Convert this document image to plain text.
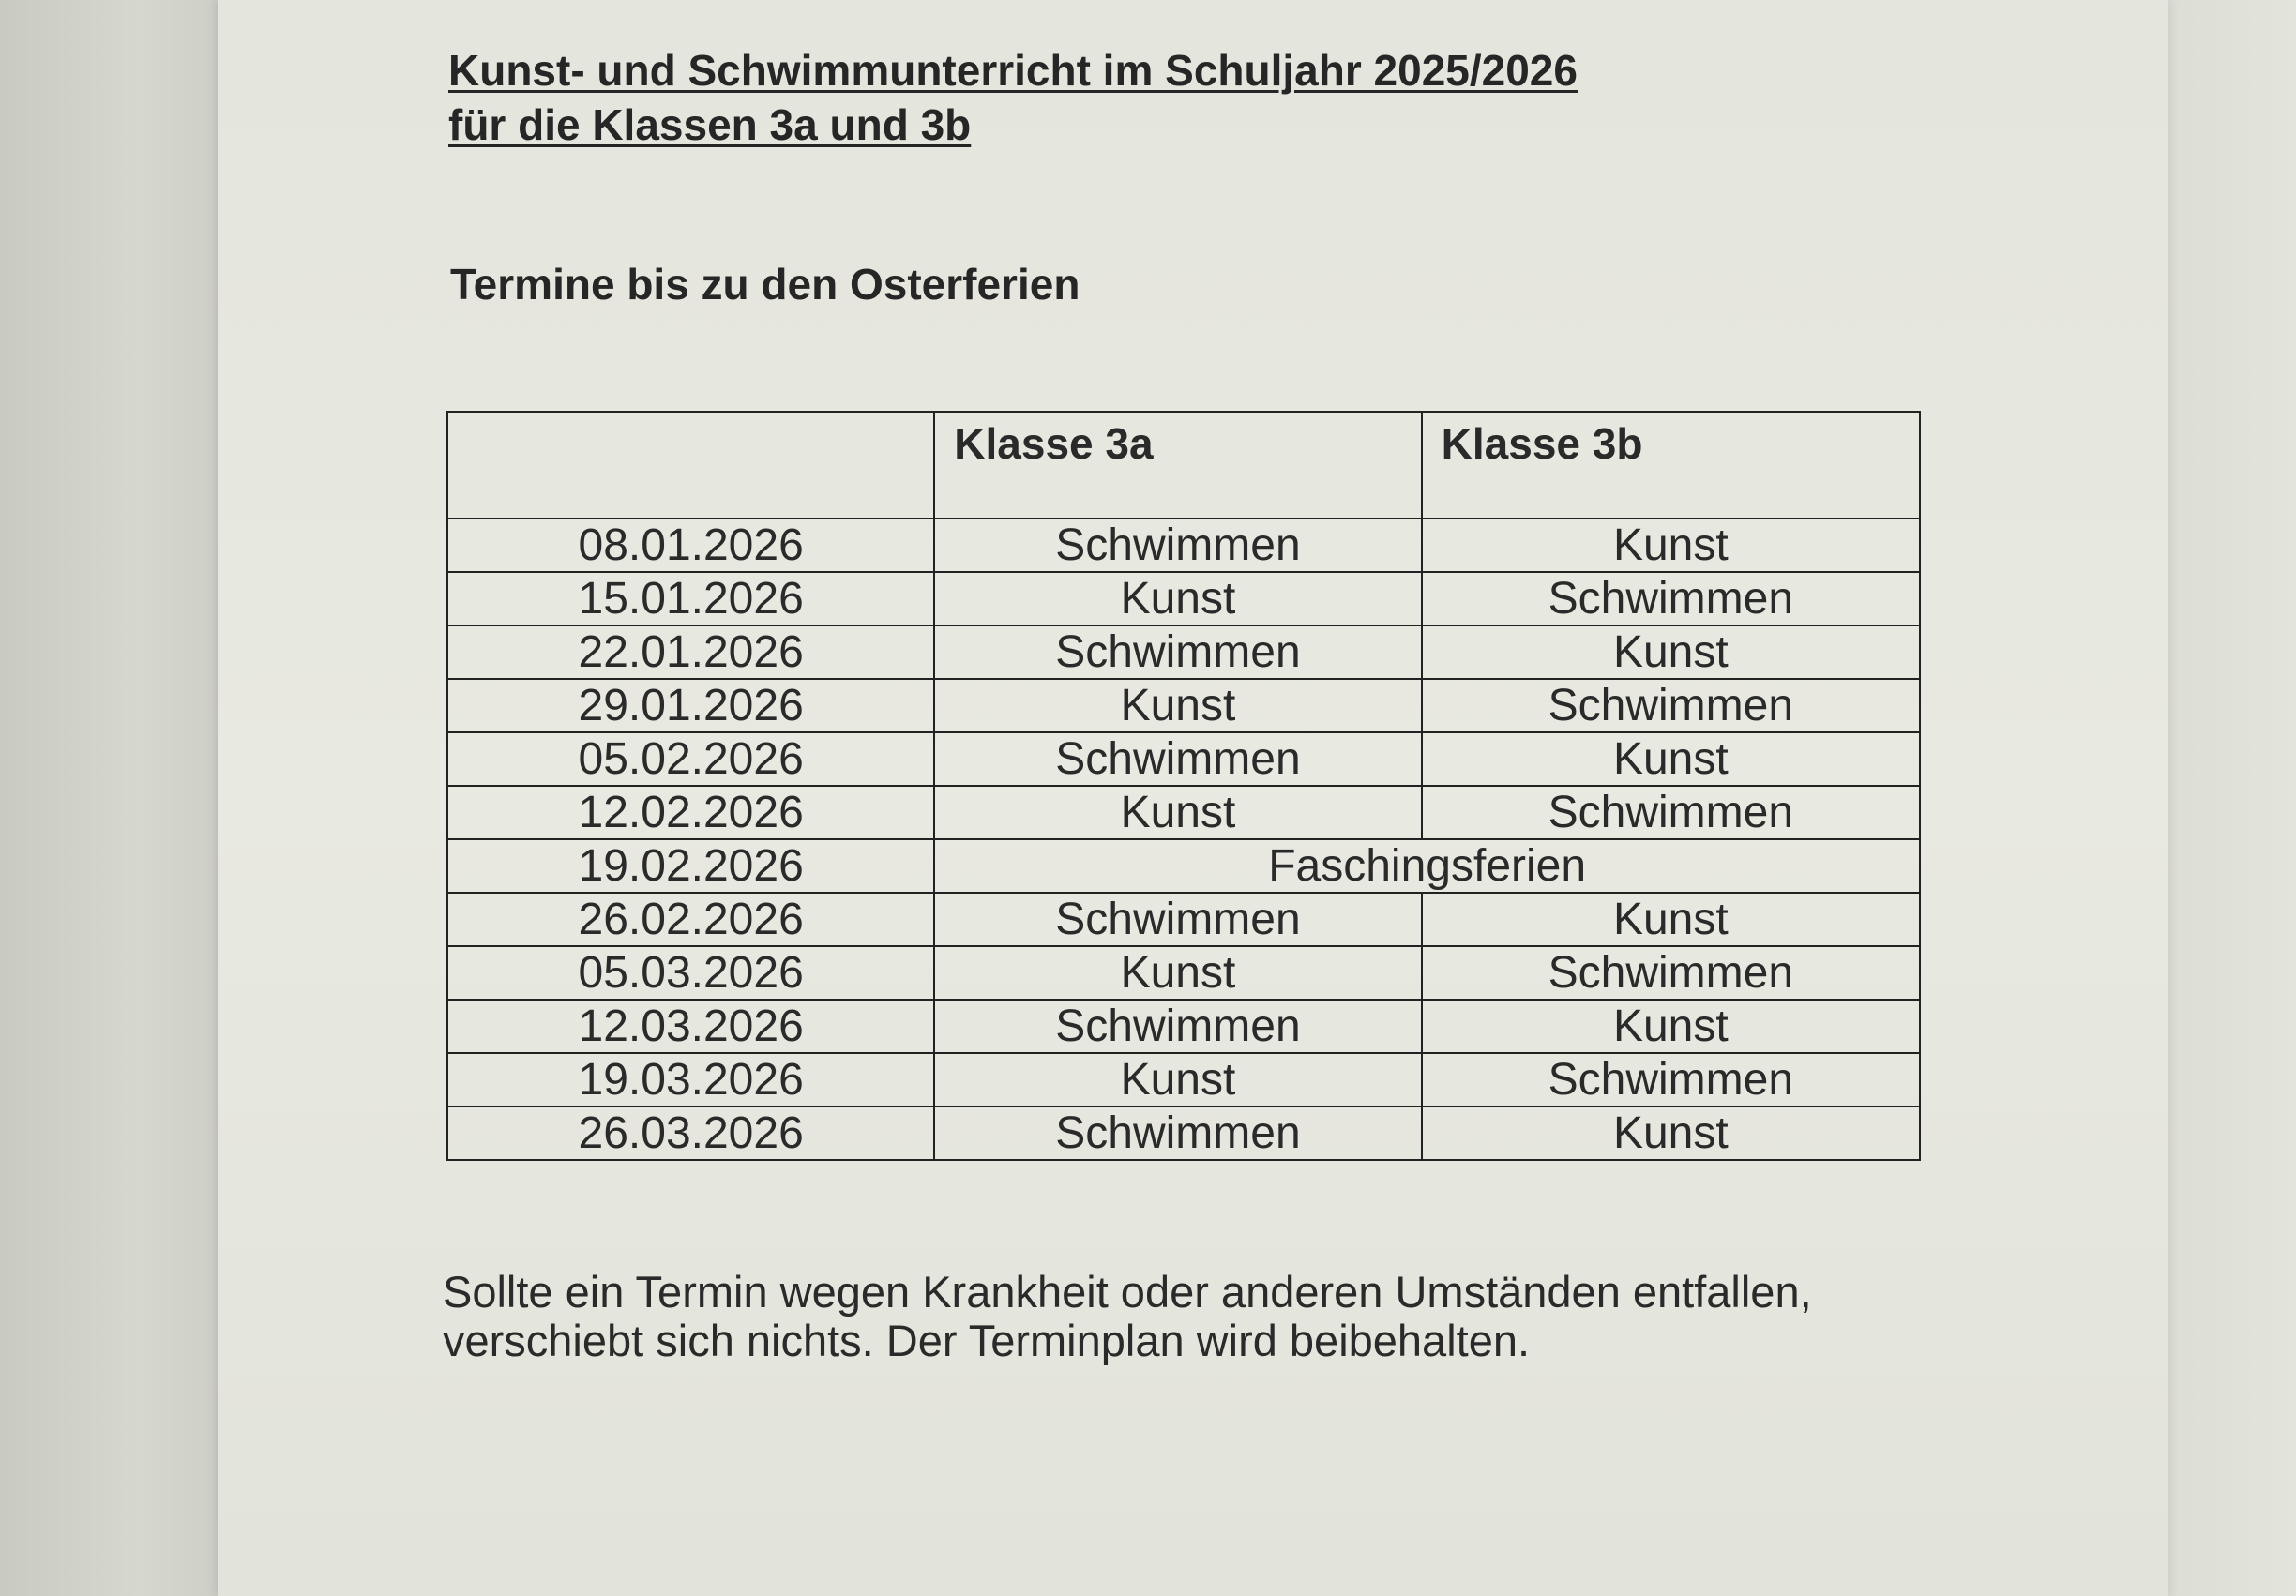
Kunst- und Schwimmunterricht im Schuljahr 2025/2026
für die Klassen 3a und 3b
Termine bis zu den Osterferien
	Klasse 3a	Klasse 3b
08.01.2026	Schwimmen	Kunst
15.01.2026	Kunst	Schwimmen
22.01.2026	Schwimmen	Kunst
29.01.2026	Kunst	Schwimmen
05.02.2026	Schwimmen	Kunst
12.02.2026	Kunst	Schwimmen
19.02.2026	Faschingsferien	
26.02.2026	Schwimmen	Kunst
05.03.2026	Kunst	Schwimmen
12.03.2026	Schwimmen	Kunst
19.03.2026	Kunst	Schwimmen
26.03.2026	Schwimmen	Kunst
Sollte ein Termin wegen Krankheit oder anderen Umständen entfallen,
verschiebt sich nichts. Der Terminplan wird beibehalten.
